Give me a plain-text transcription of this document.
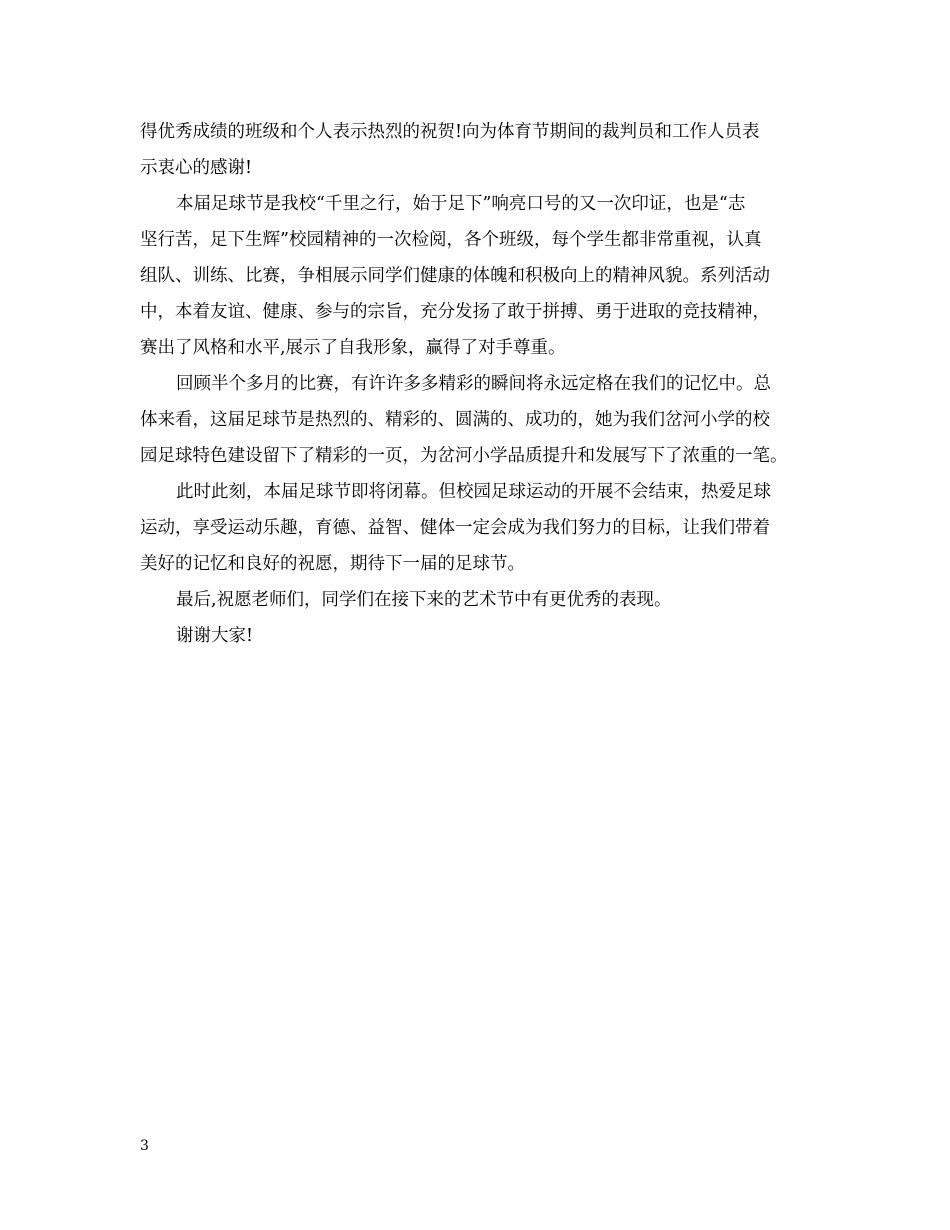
得优秀成绩的班级和个人表示热烈的祝贺!向为体育节期间的裁判员和工作人员表
示衷心的感谢!
本届足球节是我校“千里之行，始于足下”响亮口号的又一次印证，也是“志
坚行苦，足下生辉”校园精神的一次检阅，各个班级，每个学生都非常重视，认真
组队、训练、比赛，争相展示同学们健康的体魄和积极向上的精神风貌。系列活动
中，本着友谊、健康、参与的宗旨，充分发扬了敢于拼搏、勇于进取的竞技精神，
赛出了风格和水平,展示了自我形象，赢得了对手尊重。
回顾半个多月的比赛，有许许多多精彩的瞬间将永远定格在我们的记忆中。总
体来看，这届足球节是热烈的、精彩的、圆满的、成功的，她为我们岔河小学的校
园足球特色建设留下了精彩的一页，为岔河小学品质提升和发展写下了浓重的一笔。
此时此刻，本届足球节即将闭幕。但校园足球运动的开展不会结束，热爱足球
运动，享受运动乐趣，育德、益智、健体一定会成为我们努力的目标，让我们带着
美好的记忆和良好的祝愿，期待下一届的足球节。
最后,祝愿老师们，同学们在接下来的艺术节中有更优秀的表现。
谢谢大家!
3
